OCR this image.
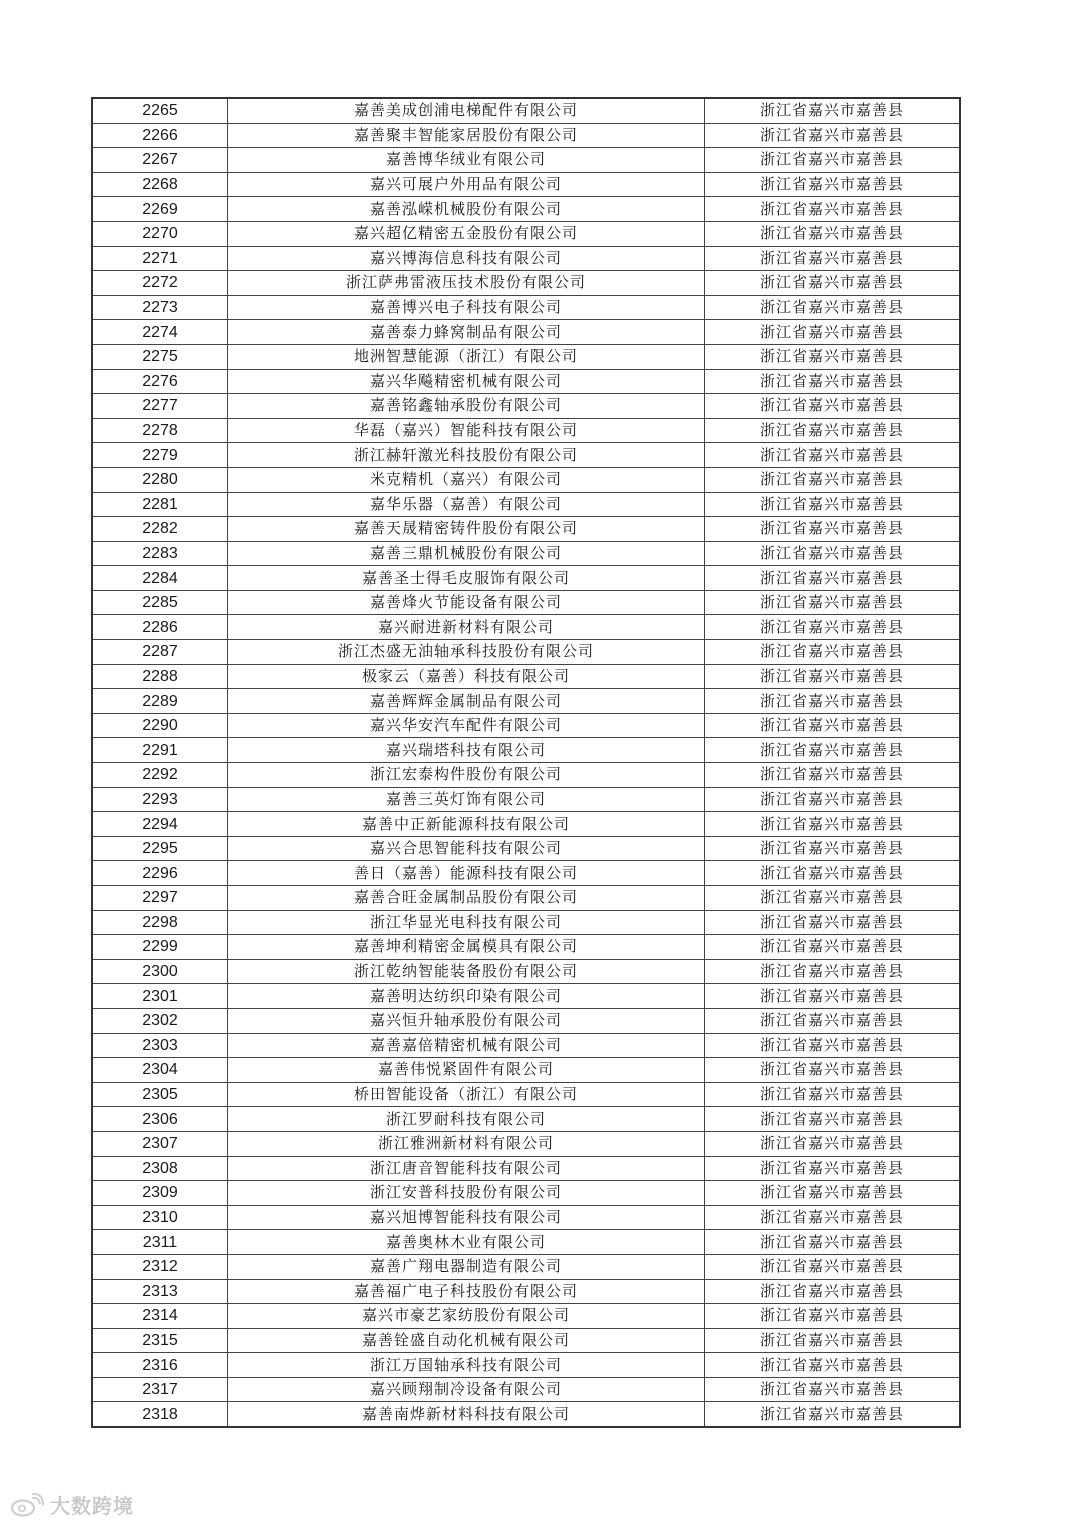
2265	嘉善美成创浦电梯配件有限公司	浙江省嘉兴市嘉善县
2266	嘉善聚丰智能家居股份有限公司	浙江省嘉兴市嘉善县
2267	嘉善博华绒业有限公司	浙江省嘉兴市嘉善县
2268	嘉兴可展户外用品有限公司	浙江省嘉兴市嘉善县
2269	嘉善泓嵘机械股份有限公司	浙江省嘉兴市嘉善县
2270	嘉兴超亿精密五金股份有限公司	浙江省嘉兴市嘉善县
2271	嘉兴博海信息科技有限公司	浙江省嘉兴市嘉善县
2272	浙江萨弗雷液压技术股份有限公司	浙江省嘉兴市嘉善县
2273	嘉善博兴电子科技有限公司	浙江省嘉兴市嘉善县
2274	嘉善泰力蜂窝制品有限公司	浙江省嘉兴市嘉善县
2275	地洲智慧能源（浙江）有限公司	浙江省嘉兴市嘉善县
2276	嘉兴华飚精密机械有限公司	浙江省嘉兴市嘉善县
2277	嘉善铭鑫轴承股份有限公司	浙江省嘉兴市嘉善县
2278	华磊（嘉兴）智能科技有限公司	浙江省嘉兴市嘉善县
2279	浙江赫轩激光科技股份有限公司	浙江省嘉兴市嘉善县
2280	米克精机（嘉兴）有限公司	浙江省嘉兴市嘉善县
2281	嘉华乐器（嘉善）有限公司	浙江省嘉兴市嘉善县
2282	嘉善天晟精密铸件股份有限公司	浙江省嘉兴市嘉善县
2283	嘉善三鼎机械股份有限公司	浙江省嘉兴市嘉善县
2284	嘉善圣士得毛皮服饰有限公司	浙江省嘉兴市嘉善县
2285	嘉善烽火节能设备有限公司	浙江省嘉兴市嘉善县
2286	嘉兴耐进新材料有限公司	浙江省嘉兴市嘉善县
2287	浙江杰盛无油轴承科技股份有限公司	浙江省嘉兴市嘉善县
2288	极家云（嘉善）科技有限公司	浙江省嘉兴市嘉善县
2289	嘉善辉辉金属制品有限公司	浙江省嘉兴市嘉善县
2290	嘉兴华安汽车配件有限公司	浙江省嘉兴市嘉善县
2291	嘉兴瑞塔科技有限公司	浙江省嘉兴市嘉善县
2292	浙江宏泰构件股份有限公司	浙江省嘉兴市嘉善县
2293	嘉善三英灯饰有限公司	浙江省嘉兴市嘉善县
2294	嘉善中正新能源科技有限公司	浙江省嘉兴市嘉善县
2295	嘉兴合思智能科技有限公司	浙江省嘉兴市嘉善县
2296	善日（嘉善）能源科技有限公司	浙江省嘉兴市嘉善县
2297	嘉善合旺金属制品股份有限公司	浙江省嘉兴市嘉善县
2298	浙江华显光电科技有限公司	浙江省嘉兴市嘉善县
2299	嘉善坤利精密金属模具有限公司	浙江省嘉兴市嘉善县
2300	浙江乾纳智能装备股份有限公司	浙江省嘉兴市嘉善县
2301	嘉善明达纺织印染有限公司	浙江省嘉兴市嘉善县
2302	嘉兴恒升轴承股份有限公司	浙江省嘉兴市嘉善县
2303	嘉善嘉倍精密机械有限公司	浙江省嘉兴市嘉善县
2304	嘉善伟悦紧固件有限公司	浙江省嘉兴市嘉善县
2305	桥田智能设备（浙江）有限公司	浙江省嘉兴市嘉善县
2306	浙江罗耐科技有限公司	浙江省嘉兴市嘉善县
2307	浙江雅洲新材料有限公司	浙江省嘉兴市嘉善县
2308	浙江唐音智能科技有限公司	浙江省嘉兴市嘉善县
2309	浙江安普科技股份有限公司	浙江省嘉兴市嘉善县
2310	嘉兴旭博智能科技有限公司	浙江省嘉兴市嘉善县
2311	嘉善奥林木业有限公司	浙江省嘉兴市嘉善县
2312	嘉善广翔电器制造有限公司	浙江省嘉兴市嘉善县
2313	嘉善福广电子科技股份有限公司	浙江省嘉兴市嘉善县
2314	嘉兴市豪艺家纺股份有限公司	浙江省嘉兴市嘉善县
2315	嘉善铨盛自动化机械有限公司	浙江省嘉兴市嘉善县
2316	浙江万国轴承科技有限公司	浙江省嘉兴市嘉善县
2317	嘉兴顾翔制冷设备有限公司	浙江省嘉兴市嘉善县
2318	嘉善南烨新材料科技有限公司	浙江省嘉兴市嘉善县
大数跨境
